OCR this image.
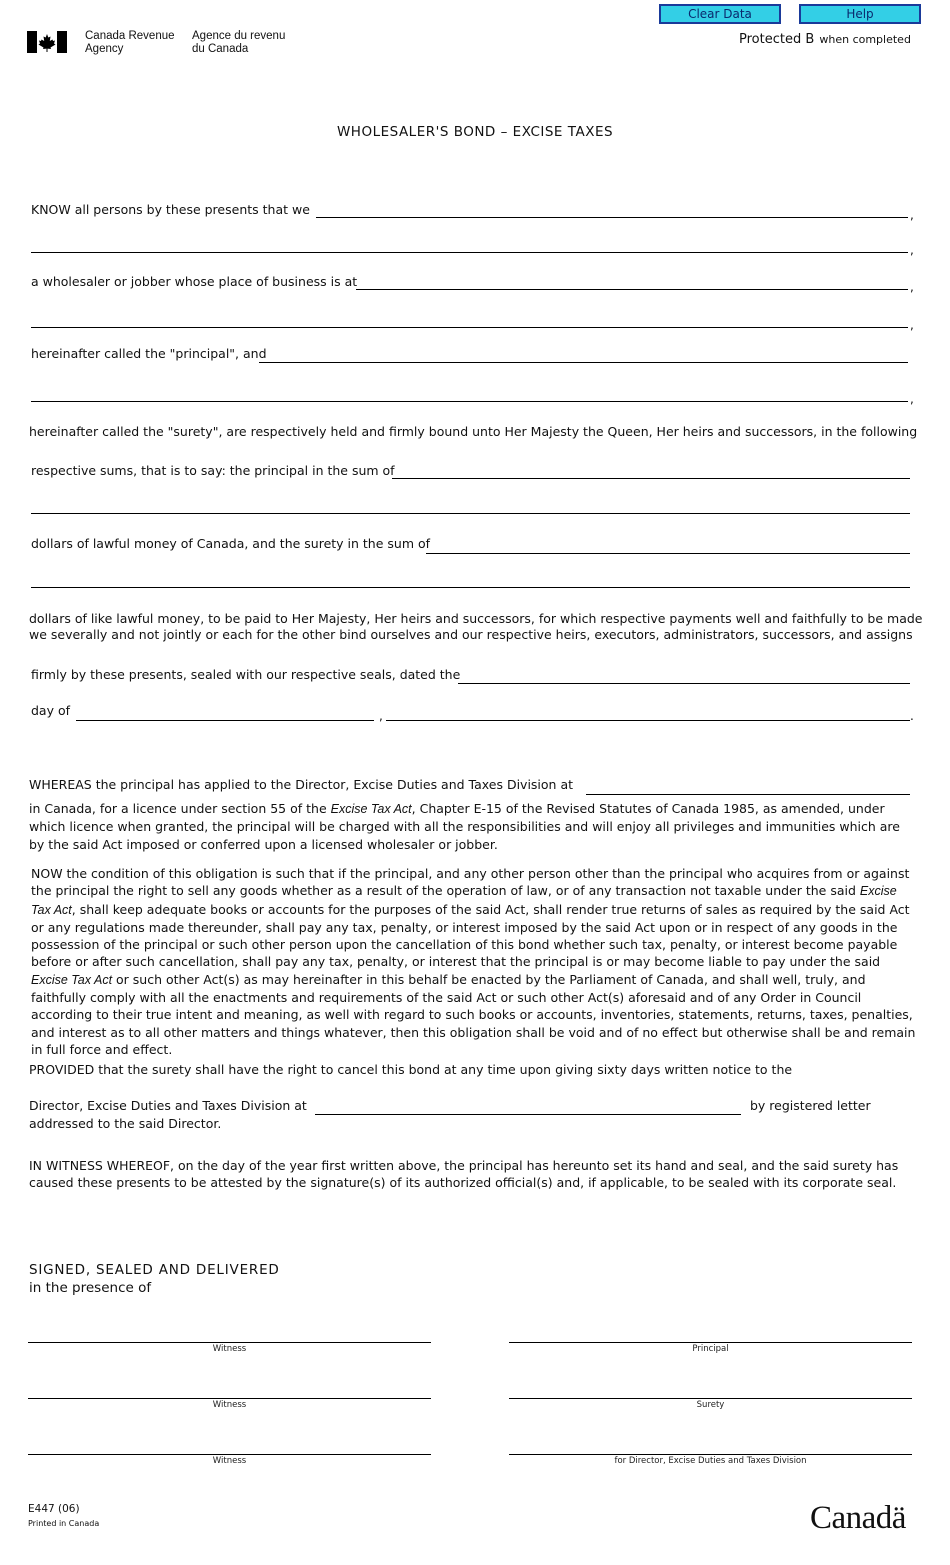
Canada Revenue
Agency
Agence du revenu
du Canada
Clear Data	Help
Protected B when completed
WHOLESALER'S BOND – EXCISE TAXES
KNOW all persons by these presents that we	,
,
a wholesaler or jobber whose place of business is at	,
,
hereinafter called the "principal", and
,
hereinafter called the "surety", are respectively held and firmly bound unto Her Majesty the Queen, Her heirs and successors, in the following
respective sums, that is to say: the principal in the sum of
dollars of lawful money of Canada, and the surety in the sum of
dollars of like lawful money, to be paid to Her Majesty, Her heirs and successors, for which respective payments well and faithfully to be made
we severally and not jointly or each for the other bind ourselves and our respective heirs, executors, administrators, successors, and assigns
firmly by these presents, sealed with our respective seals, dated the
day of	,	.
WHEREAS the principal has applied to the Director, Excise Duties and Taxes Division at
in Canada, for a licence under section 55 of the Excise Tax Act, Chapter E-15 of the Revised Statutes of Canada 1985, as amended, under which licence when granted, the principal will be charged with all the responsibilities and will enjoy all privileges and immunities which are by the said Act imposed or conferred upon a licensed wholesaler or jobber.
NOW the condition of this obligation is such that if the principal, and any other person other than the principal who acquires from or against the principal the right to sell any goods whether as a result of the operation of law, or of any transaction not taxable under the said Excise Tax Act, shall keep adequate books or accounts for the purposes of the said Act, shall render true returns of sales as required by the said Act or any regulations made thereunder, shall pay any tax, penalty, or interest imposed by the said Act upon or in respect of any goods in the possession of the principal or such other person upon the cancellation of this bond whether such tax, penalty, or interest become payable before or after such cancellation, shall pay any tax, penalty, or interest that the principal is or may become liable to pay under the said Excise Tax Act or such other Act(s) as may hereinafter in this behalf be enacted by the Parliament of Canada, and shall well, truly, and faithfully comply with all the enactments and requirements of the said Act or such other Act(s) aforesaid and of any Order in Council according to their true intent and meaning, as well with regard to such books or accounts, inventories, statements, returns, taxes, penalties, and interest as to all other matters and things whatever, then this obligation shall be void and of no effect but otherwise shall be and remain in full force and effect.
PROVIDED that the surety shall have the right to cancel this bond at any time upon giving sixty days written notice to the
Director, Excise Duties and Taxes Division at	by registered letter
addressed to the said Director.
IN WITNESS WHEREOF, on the day of the year first written above, the principal has hereunto set its hand and seal, and the said surety has caused these presents to be attested by the signature(s) of its authorized official(s) and, if applicable, to be sealed with its corporate seal.
SIGNED, SEALED AND DELIVERED
in the presence of
Witness	Principal
Witness	Surety
Witness	for Director, Excise Duties and Taxes Division
E447 (06)
Printed in Canada	Canadä
